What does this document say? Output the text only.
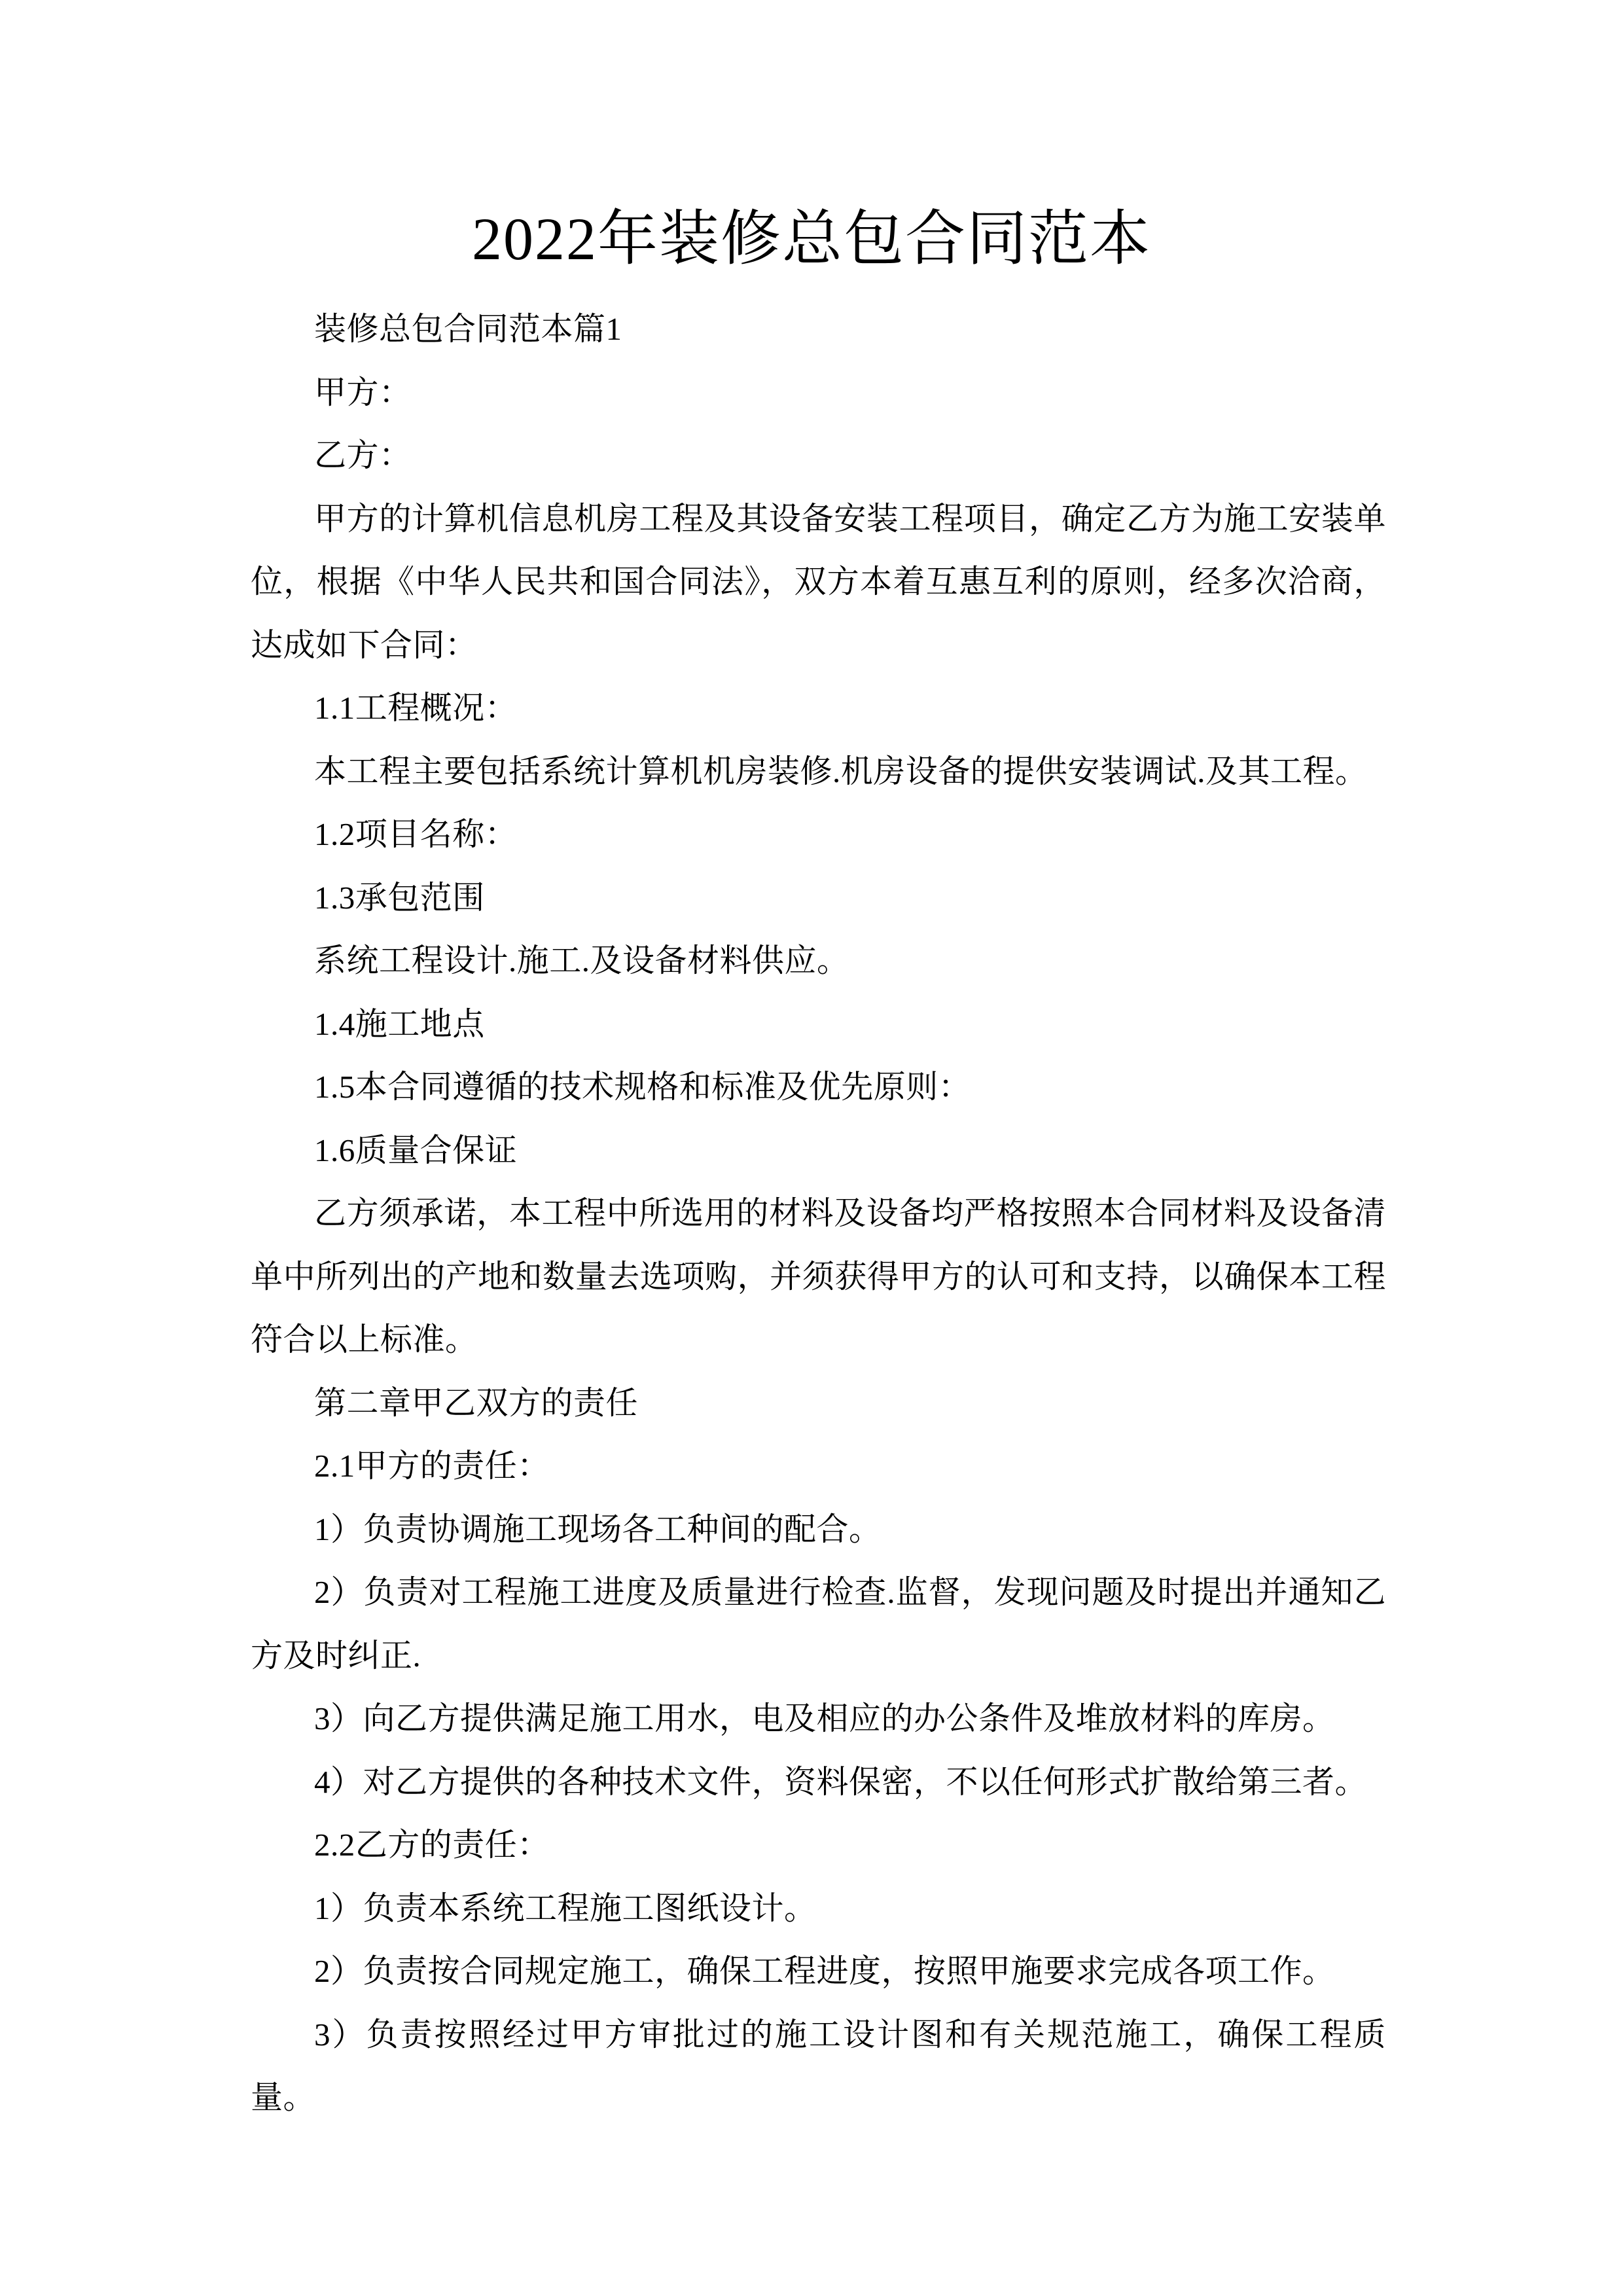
2022年装修总包合同范本

装修总包合同范本篇1

甲方：

乙方：

甲方的计算机信息机房工程及其设备安装工程项目，确定乙方为施工安装单位，根据《中华人民共和国合同法》，双方本着互惠互利的原则，经多次洽商，达成如下合同：

1.1工程概况：

本工程主要包括系统计算机机房装修.机房设备的提供安装调试.及其工程。

1.2项目名称：

1.3承包范围

系统工程设计.施工.及设备材料供应。

1.4施工地点

1.5本合同遵循的技术规格和标准及优先原则：

1.6质量合保证

乙方须承诺，本工程中所选用的材料及设备均严格按照本合同材料及设备清单中所列出的产地和数量去选项购，并须获得甲方的认可和支持，以确保本工程符合以上标准。

第二章甲乙双方的责任

2.1甲方的责任：

1）负责协调施工现场各工种间的配合。

2）负责对工程施工进度及质量进行检查.监督，发现问题及时提出并通知乙方及时纠正.

3）向乙方提供满足施工用水，电及相应的办公条件及堆放材料的库房。

4）对乙方提供的各种技术文件，资料保密，不以任何形式扩散给第三者。

2.2乙方的责任：

1）负责本系统工程施工图纸设计。

2）负责按合同规定施工，确保工程进度，按照甲施要求完成各项工作。

3）负责按照经过甲方审批过的施工设计图和有关规范施工，确保工程质量。
